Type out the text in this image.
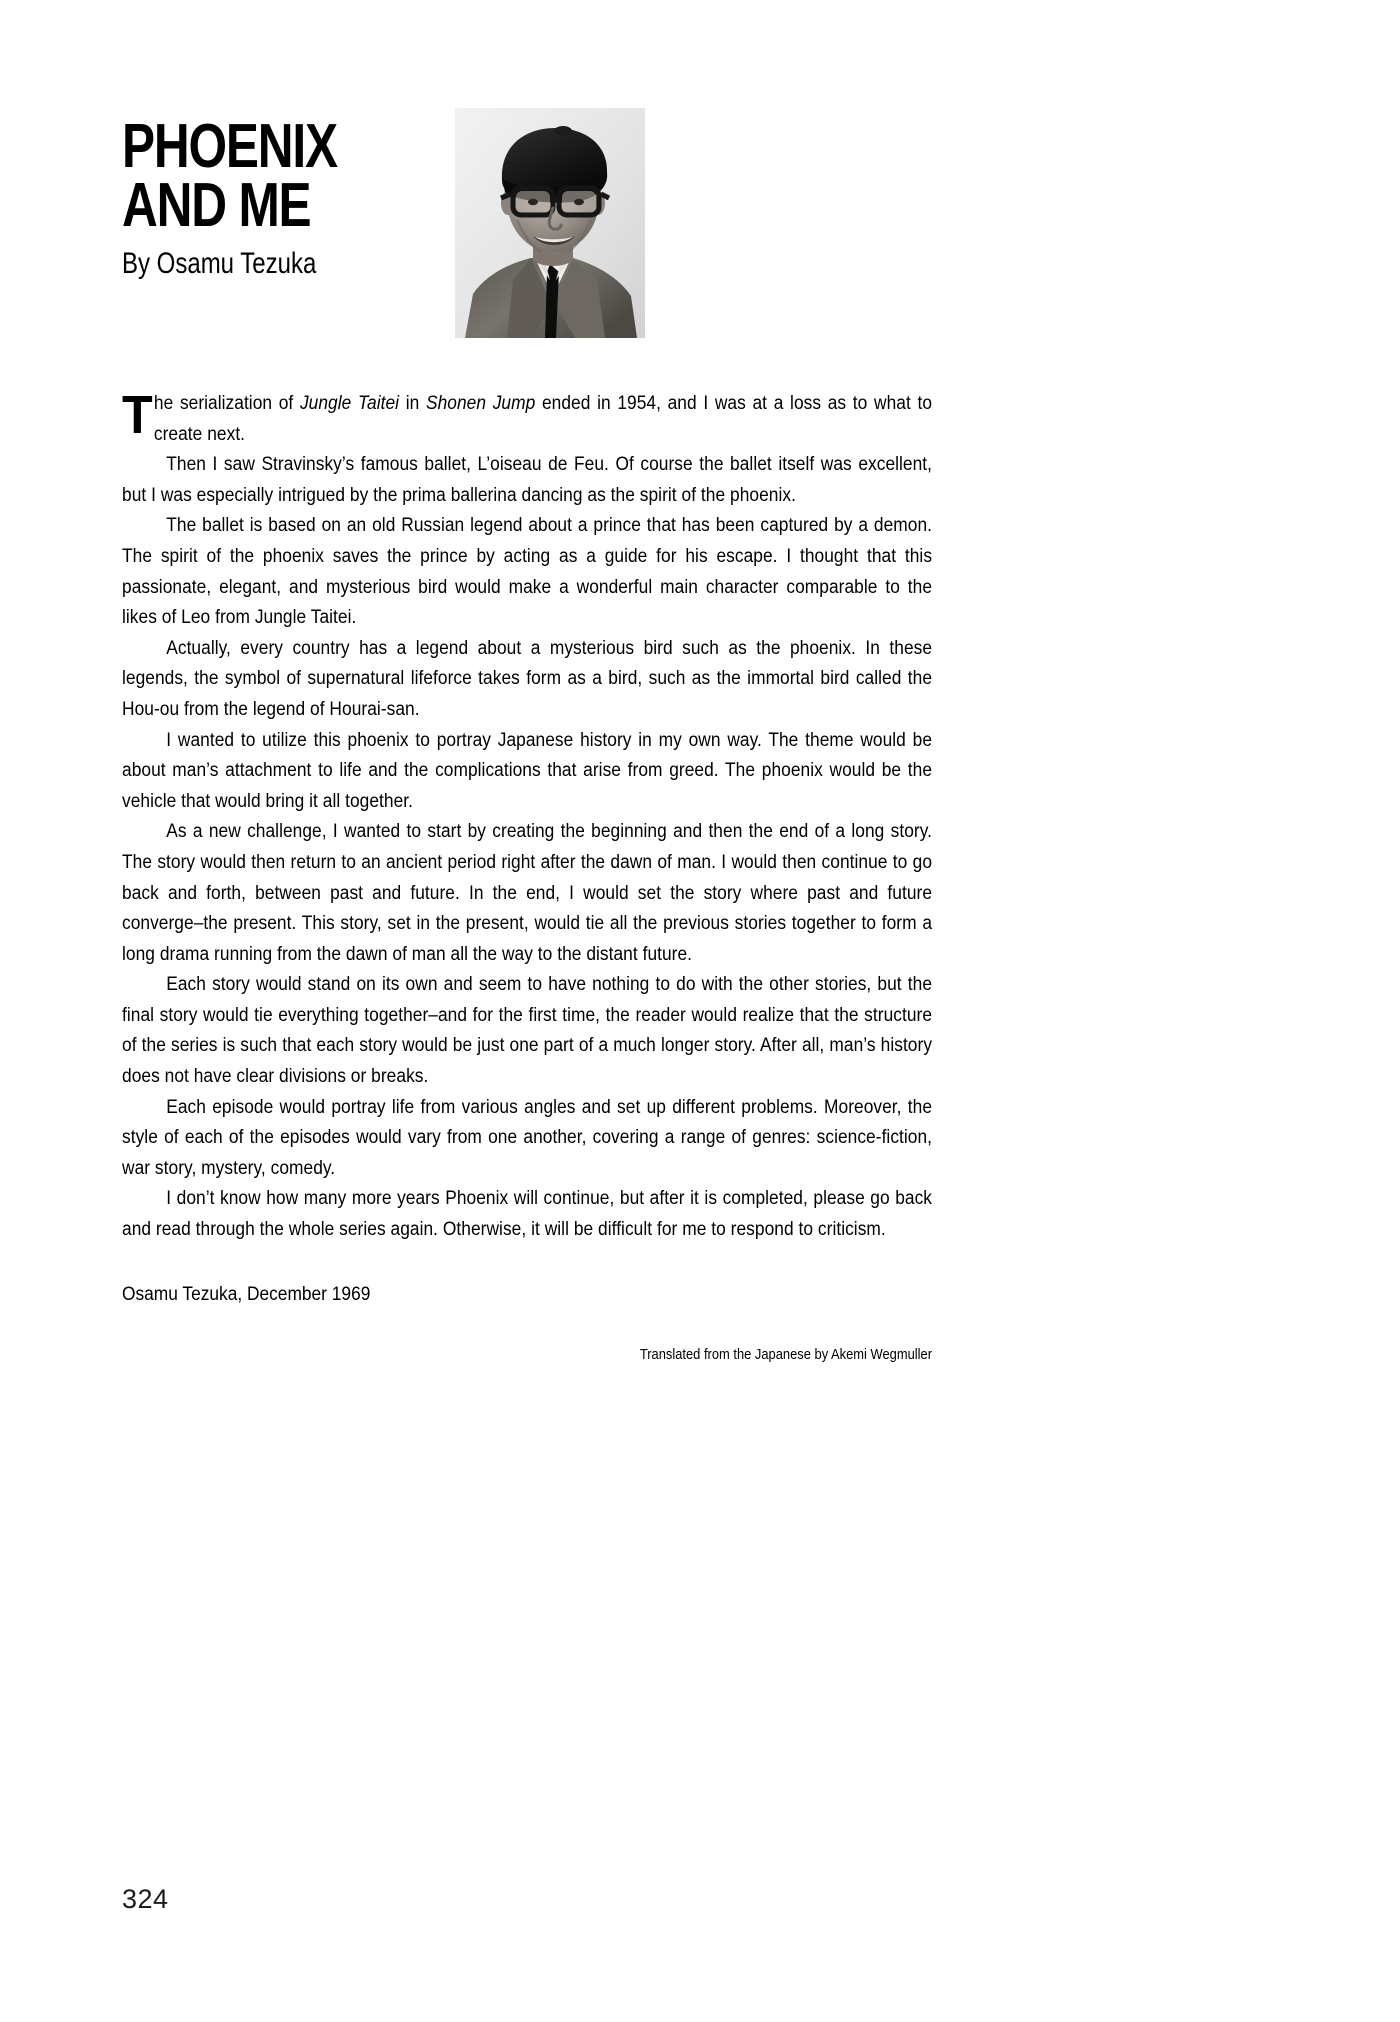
PHOENIX
AND ME
By Osamu Tezuka

The serialization of Jungle Taitei in Shonen Jump ended in 1954, and I was at a loss as to what to create next.

Then I saw Stravinsky’s famous ballet, L’oiseau de Feu. Of course the ballet itself was excellent, but I was especially intrigued by the prima ballerina dancing as the spirit of the phoenix.

The ballet is based on an old Russian legend about a prince that has been captured by a demon. The spirit of the phoenix saves the prince by acting as a guide for his escape. I thought that this passionate, elegant, and mysterious bird would make a wonderful main character comparable to the likes of Leo from Jungle Taitei.

Actually, every country has a legend about a mysterious bird such as the phoenix. In these legends, the symbol of supernatural lifeforce takes form as a bird, such as the immortal bird called the Hou-ou from the legend of Hourai-san.

I wanted to utilize this phoenix to portray Japanese history in my own way. The theme would be about man’s attachment to life and the complications that arise from greed. The phoenix would be the vehicle that would bring it all together.

As a new challenge, I wanted to start by creating the beginning and then the end of a long story. The story would then return to an ancient period right after the dawn of man. I would then continue to go back and forth, between past and future. In the end, I would set the story where past and future converge–the present. This story, set in the present, would tie all the previous stories together to form a long drama running from the dawn of man all the way to the distant future.

Each story would stand on its own and seem to have nothing to do with the other stories, but the final story would tie everything together–and for the first time, the reader would realize that the structure of the series is such that each story would be just one part of a much longer story. After all, man’s history does not have clear divisions or breaks.

Each episode would portray life from various angles and set up different problems. Moreover, the style of each of the episodes would vary from one another, covering a range of genres: science-fiction, war story, mystery, comedy.

I don’t know how many more years Phoenix will continue, but after it is completed, please go back and read through the whole series again. Otherwise, it will be difficult for me to respond to criticism.

Osamu Tezuka, December 1969

Translated from the Japanese by Akemi Wegmuller

324
